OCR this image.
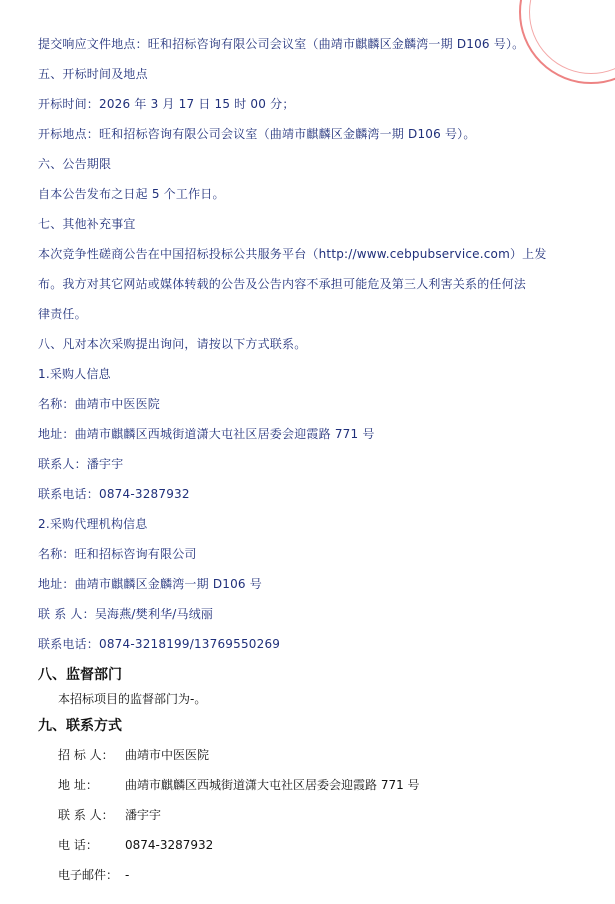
提交响应文件地点：旺和招标咨询有限公司会议室（曲靖市麒麟区金麟湾一期 D106 号）。
五、开标时间及地点
开标时间：2026 年 3 月 17 日 15 时 00 分；
开标地点：旺和招标咨询有限公司会议室（曲靖市麒麟区金麟湾一期 D106 号）。
六、公告期限
自本公告发布之日起 5 个工作日。
七、其他补充事宜
本次竞争性磋商公告在中国招标投标公共服务平台（http://www.cebpubservice.com）上发
布。我方对其它网站或媒体转载的公告及公告内容不承担可能危及第三人利害关系的任何法
律责任。
八、凡对本次采购提出询问，请按以下方式联系。
1.采购人信息
名称：曲靖市中医医院
地址：曲靖市麒麟区西城街道潇大屯社区居委会迎霞路 771 号
联系人：潘宇宇
联系电话：0874-3287932
2.采购代理机构信息
名称：旺和招标咨询有限公司
地址：曲靖市麒麟区金麟湾一期 D106 号
联 系 人：吴海燕/樊利华/马绒丽
联系电话：0874-3218199/13769550269
八、监督部门
本招标项目的监督部门为-。
九、联系方式
招 标 人： 曲靖市中医医院
地 址： 曲靖市麒麟区西城街道潇大屯社区居委会迎霞路 771 号
联 系 人： 潘宇宇
电 话： 0874-3287932
电子邮件： -
